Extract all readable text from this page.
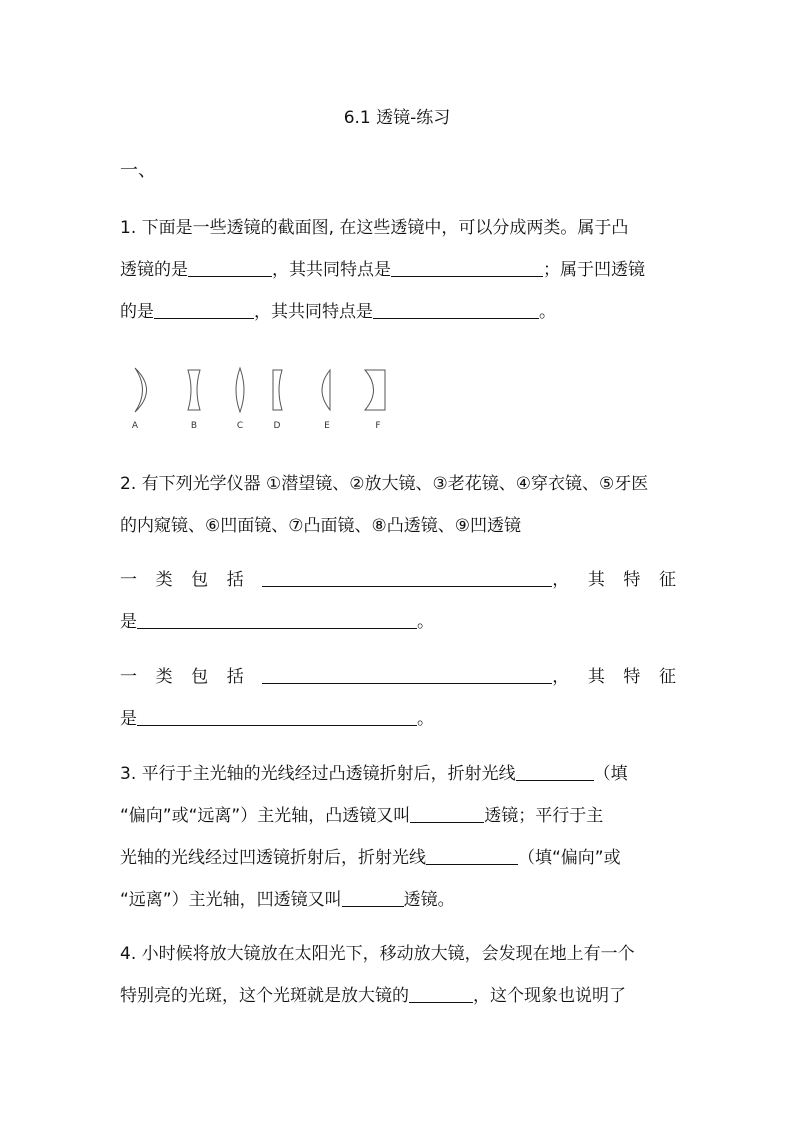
6.1 透镜-练习
一、
1. 下面是一些透镜的截面图, 在这些透镜中，可以分成两类。属于凸
透镜的是	，其共同特点是	；属于凹透镜
的是	，其共同特点是	。
A	B	C	D	E	F
2. 有下列光学仪器 ①潜望镜、②放大镜、③老花镜、④穿衣镜、⑤牙医
的内窥镜、⑥凹面镜、⑦凸面镜、⑧凸透镜、⑨凹透镜
一 类 包 括	， 其 特 征
是	。
一 类 包 括	， 其 特 征
是	。
3. 平行于主光轴的光线经过凸透镜折射后，折射光线	（填
“偏向”或“远离”）主光轴，凸透镜又叫	透镜；平行于主
光轴的光线经过凹透镜折射后，折射光线	（填“偏向”或
“远离”）主光轴，凹透镜又叫	透镜。
4. 小时候将放大镜放在太阳光下，移动放大镜，会发现在地上有一个
特别亮的光斑，这个光斑就是放大镜的	，这个现象也说明了
